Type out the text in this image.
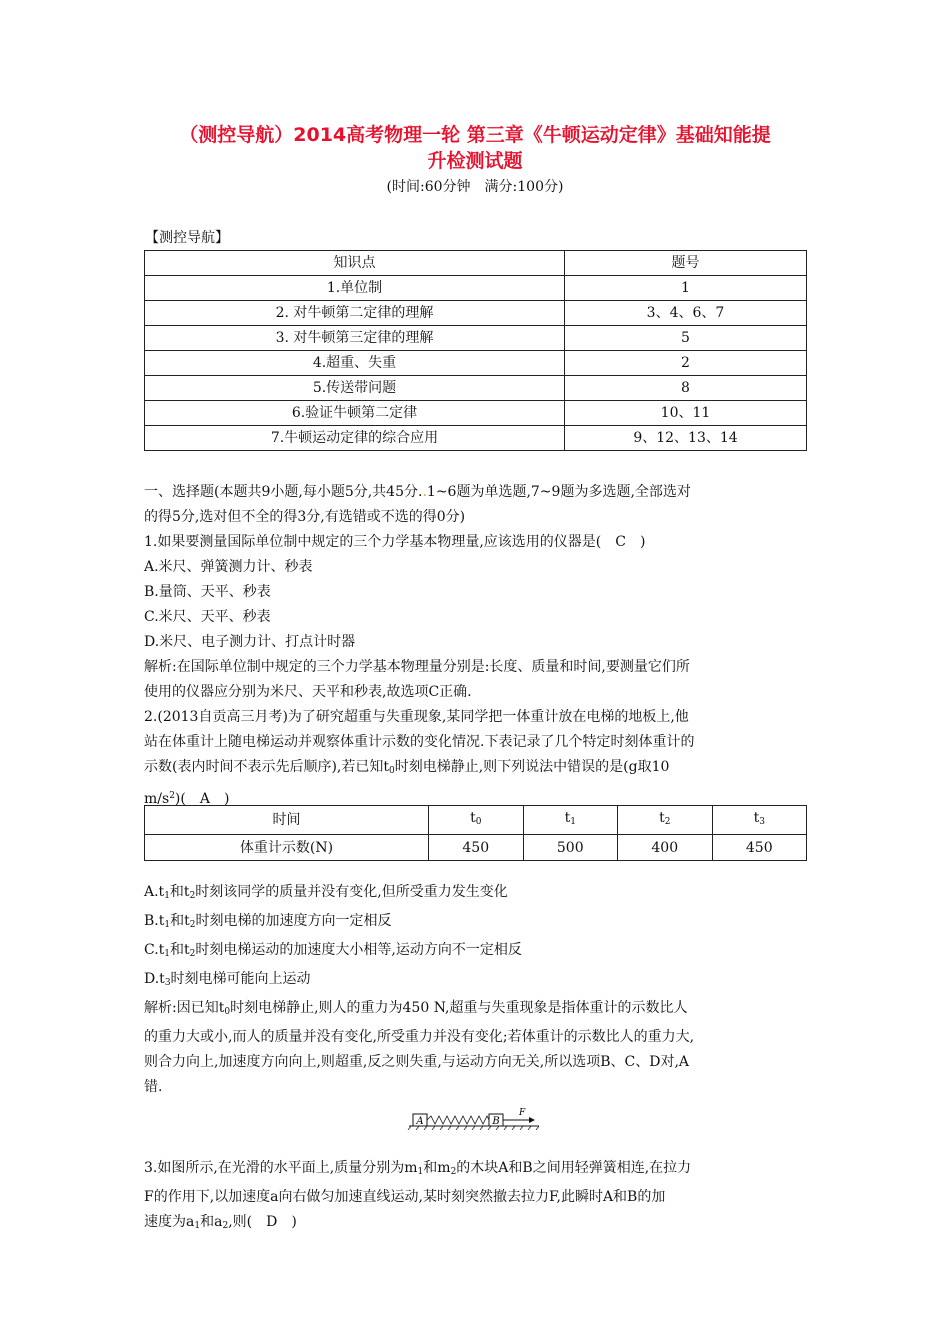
（测控导航）2014高考物理一轮 第三章《牛顿运动定律》基础知能提
升检测试题
(时间:60分钟　满分:100分)
【测控导航】
知识点	题号
1.单位制	1
2. 对牛顿第二定律的理解	3、4、6、7
3. 对牛顿第三定律的理解	5
4.超重、失重	2
5.传送带问题	8
6.验证牛顿第二定律	10、11
7.牛顿运动定律的综合应用	9、12、13、14

一、选择题(本题共9小题,每小题5分,共45分..1~6题为单选题,7~9题为多选题,全部选对

的得5分,选对但不全的得3分,有选错或不选的得0分)

1.如果要测量国际单位制中规定的三个力学基本物理量,应该选用的仪器是(　C　)

A.米尺、弹簧测力计、秒表

B.量筒、天平、秒表

C.米尺、天平、秒表

D.米尺、电子测力计、打点计时器

解析:在国际单位制中规定的三个力学基本物理量分别是:长度、质量和时间,要测量它们所

使用的仪器应分别为米尺、天平和秒表,故选项C正确.

2.(2013自贡高三月考)为了研究超重与失重现象,某同学把一体重计放在电梯的地板上,他

站在体重计上随电梯运动并观察体重计示数的变化情况.下表记录了几个特定时刻体重计的

示数(表内时间不表示先后顺序),若已知$t_0$时刻电梯静止,则下列说法中错误的是(g取10

$m/s^2$)(　A　)

时间	$t_0$	$t_1$	$t_2$	$t_3$
体重计示数(N)	450	500	400	450

$A.t_1$和$t_2$时刻该同学的质量并没有变化,但所受重力发生变化

$B.t_1$和$t_2$时刻电梯的加速度方向一定相反

$C.t_1$和$t_2$时刻电梯运动的加速度大小相等,运动方向不一定相反

$D.t_3$时刻电梯可能向上运动

解析:因已知$t_0$时刻电梯静止,则人的重力为450 N,超重与失重现象是指体重计的示数比人

的重力大或小,而人的质量并没有变化,所受重力并没有变化;若体重计的示数比人的重力大,

则合力向上,加速度方向向上,则超重,反之则失重,与运动方向无关,所以选项B、C、D对,A

错.

A	B
F

3.如图所示,在光滑的水平面上,质量分别为$m_1$和$m_2$的木块A和B之间用轻弹簧相连,在拉力

F的作用下,以加速度a向右做匀加速直线运动,某时刻突然撤去拉力F,此瞬时A和B的加

速度为$a_1$和$a_2$,则(　D　)
